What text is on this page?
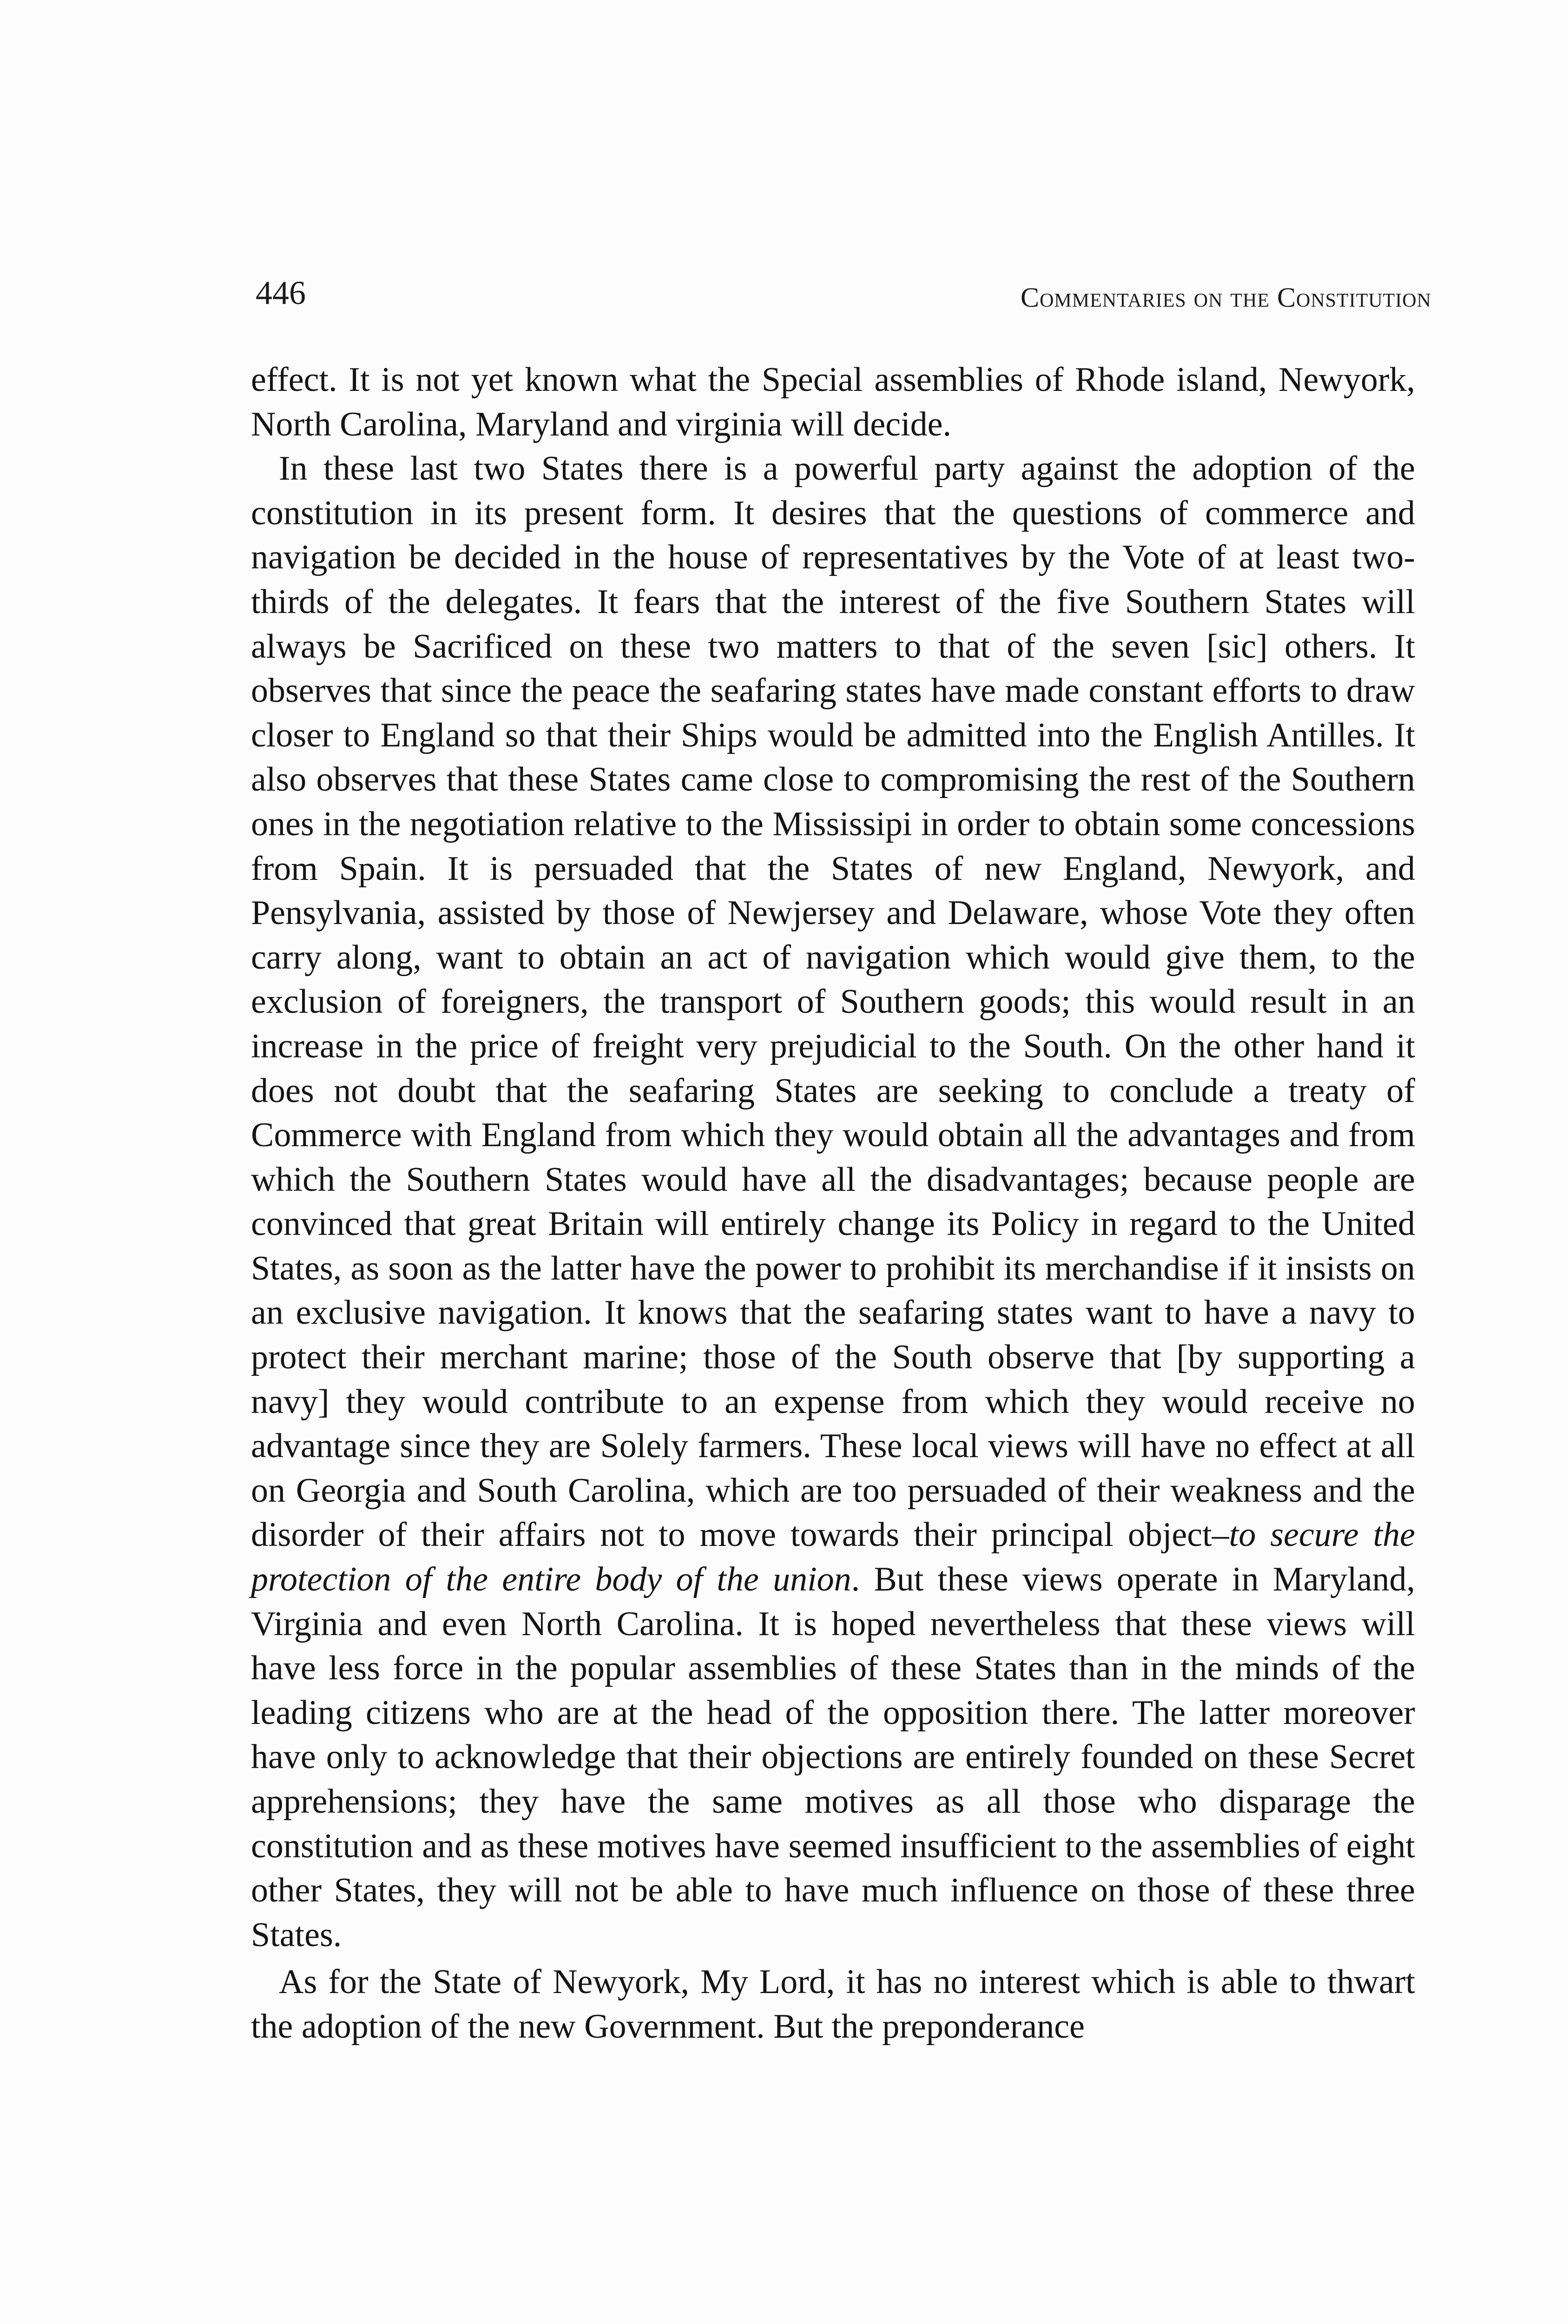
446	Commentaries on the Constitution

effect. It is not yet known what the Special assemblies of Rhode island, Newyork, North Carolina, Maryland and virginia will decide.

In these last two States there is a powerful party against the adoption of the constitution in its present form. It desires that the questions of commerce and navigation be decided in the house of representatives by the Vote of at least two-thirds of the delegates. It fears that the interest of the five Southern States will always be Sacrificed on these two matters to that of the seven [sic] others. It observes that since the peace the seafaring states have made constant efforts to draw closer to England so that their Ships would be admitted into the English Antilles. It also observes that these States came close to compromising the rest of the Southern ones in the negotiation relative to the Mississipi in order to obtain some concessions from Spain. It is persuaded that the States of new England, Newyork, and Pensylvania, assisted by those of Newjersey and Delaware, whose Vote they often carry along, want to obtain an act of navigation which would give them, to the exclusion of foreigners, the transport of Southern goods; this would result in an increase in the price of freight very prejudicial to the South. On the other hand it does not doubt that the seafaring States are seeking to conclude a treaty of Commerce with England from which they would obtain all the advantages and from which the Southern States would have all the disadvantages; because people are convinced that great Britain will entirely change its Policy in regard to the United States, as soon as the latter have the power to prohibit its merchandise if it insists on an exclusive navigation. It knows that the seafaring states want to have a navy to protect their merchant marine; those of the South observe that [by supporting a navy] they would contribute to an expense from which they would receive no advantage since they are Solely farmers. These local views will have no effect at all on Georgia and South Carolina, which are too persuaded of their weakness and the disorder of their affairs not to move towards their principal object–to secure the protection of the entire body of the union. But these views operate in Maryland, Virginia and even North Carolina. It is hoped nevertheless that these views will have less force in the popular assemblies of these States than in the minds of the leading citizens who are at the head of the opposition there. The latter moreover have only to acknowledge that their objections are entirely founded on these Secret apprehensions; they have the same motives as all those who disparage the constitution and as these motives have seemed insufficient to the assemblies of eight other States, they will not be able to have much influence on those of these three States.

As for the State of Newyork, My Lord, it has no interest which is able to thwart the adoption of the new Government. But the preponderance
